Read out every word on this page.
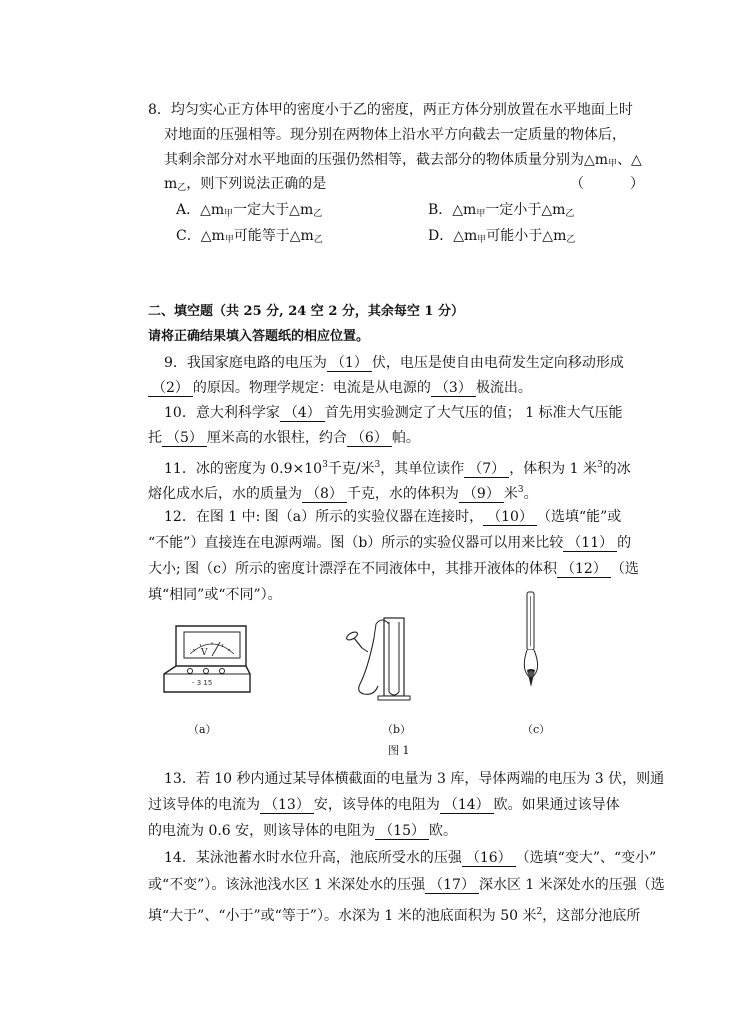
8．均匀实心正方体甲的密度小于乙的密度，两正方体分别放置在水平地面上时
对地面的压强相等。现分别在两物体上沿水平方向截去一定质量的物体后，
其剩余部分对水平地面的压强仍然相等，截去部分的物体质量分别为$\triangle m_甲$、△
$m_乙$，则下列说法正确的是	（	）
A．$\triangle m_甲$一定大于$\triangle m_乙$	B．$\triangle m_甲$一定小于$\triangle m_乙$
C．$\triangle m_甲$可能等于$\triangle m_乙$	D．$\triangle m_甲$可能小于$\triangle m_乙$
二、填空题（共 25 分, 24 空 2 分，其余每空 1 分）
请将正确结果填入答题纸的相应位置。
9．我国家庭电路的电压为 （1） 伏，电压是使自由电荷发生定向移动形成
（2） 的原因。物理学规定：电流是从电源的 （3） 极流出。
10．意大利科学家 （4） 首先用实验测定了大气压的值； 1 标准大气压能
托 （5） 厘米高的水银柱，约合 （6） 帕。
11．冰的密度为 $0.9\times 10^3$千克/米$^3$，其单位读作 （7） ，体积为 1 米$^3$的冰
熔化成水后，水的质量为 （8） 千克，水的体积为 （9） 米$^3$。
12．在图 1 中: 图（a）所示的实验仪器在连接时， （10） （选填“能”或
“不能”）直接连在电源两端。图（b）所示的实验仪器可以用来比较 （11） 的
大小; 图（c）所示的密度计漂浮在不同液体中，其排开液体的体积 （12） （选
填“相同”或“不同”）。
V
- 3 15
（a）	（b）	（c）
图 1
13．若 10 秒内通过某导体横截面的电量为 3 库，导体两端的电压为 3 伏，则通
过该导体的电流为 （13） 安，该导体的电阻为 （14） 欧。如果通过该导体
的电流为 0.6 安，则该导体的电阻为 （15） 欧。
14．某泳池蓄水时水位升高，池底所受水的压强 （16） （选填“变大”、“变小”
或“不变”）。该泳池浅水区 1 米深处水的压强 （17） 深水区 1 米深处水的压强（选
填“大于”、“小于”或“等于”）。水深为 1 米的池底面积为 50 米$^2$，这部分池底所
